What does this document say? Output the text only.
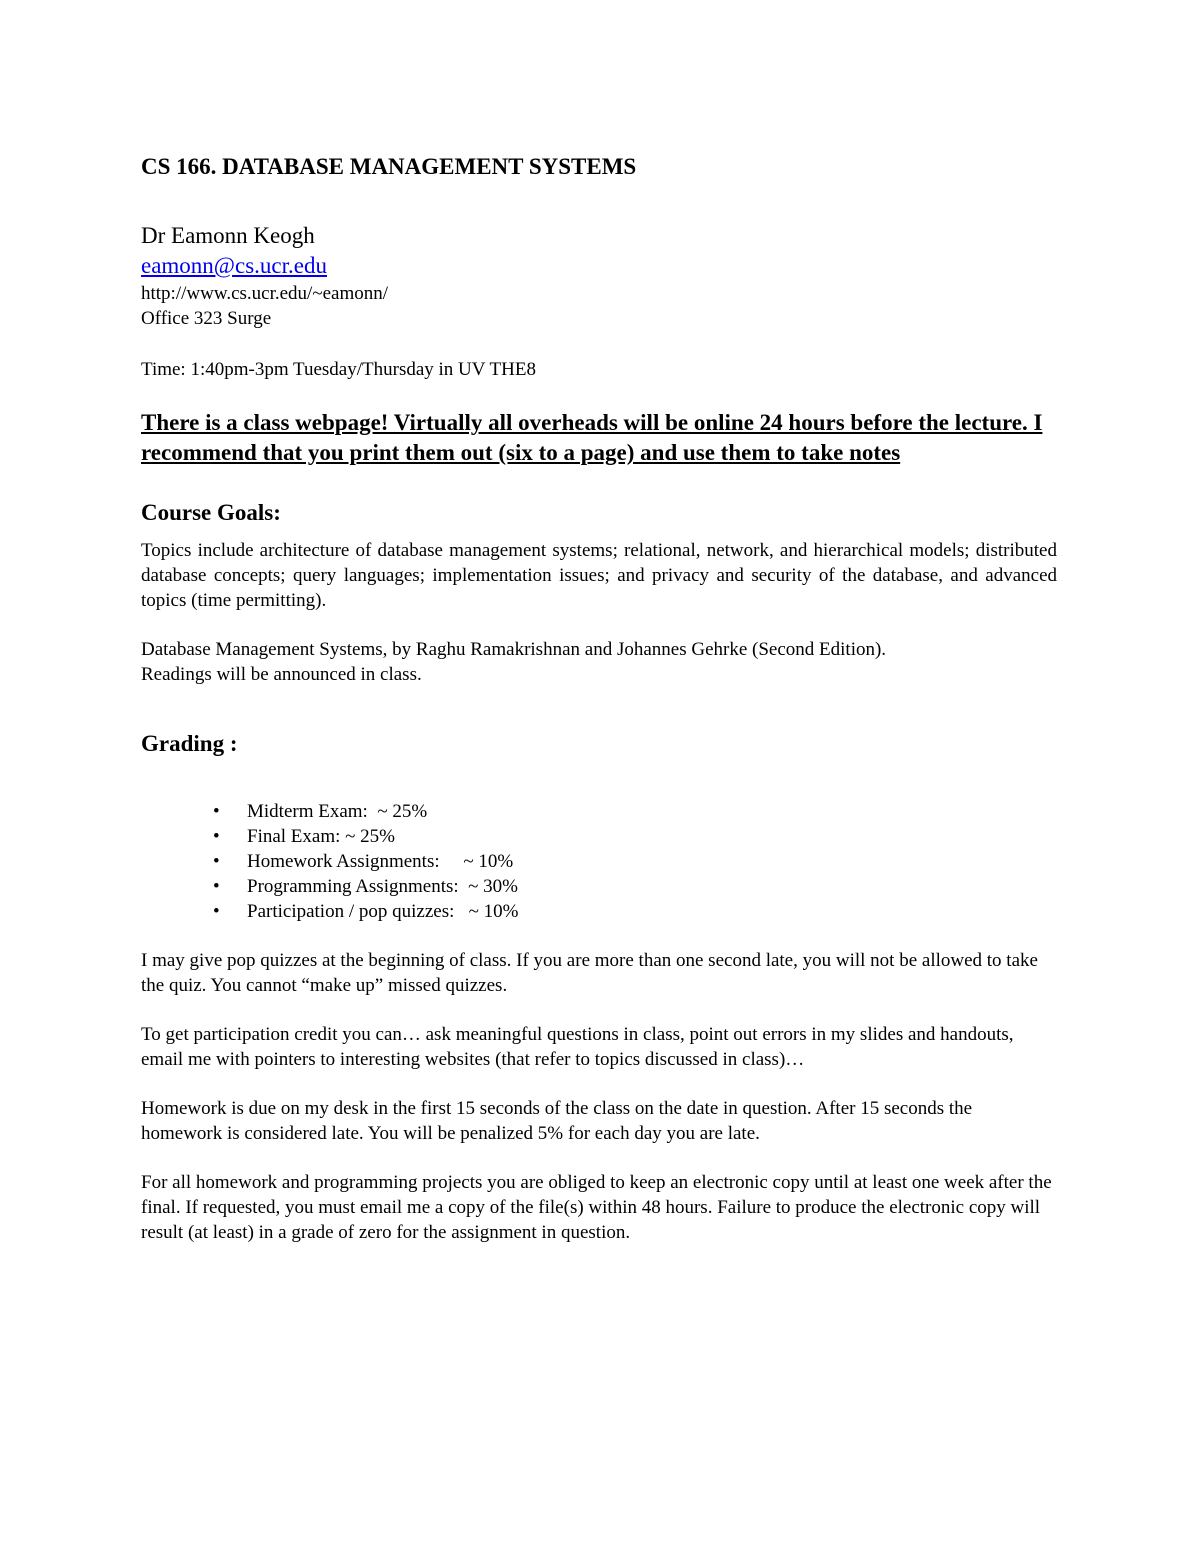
CS 166. DATABASE MANAGEMENT SYSTEMS

Dr Eamonn Keogh

eamonn@cs.ucr.edu

http://www.cs.ucr.edu/~eamonn/

Office 323 Surge

Time: 1:40pm-3pm Tuesday/Thursday in UV THE8

There is a class webpage! Virtually all overheads will be online 24 hours before the lecture. I recommend that you print them out (six to a page) and use them to take notes

Course Goals:

Topics include architecture of database management systems; relational, network, and hierarchical models; distributed database concepts; query languages; implementation issues; and privacy and security of the database, and advanced topics (time permitting).

Database Management Systems, by Raghu Ramakrishnan and Johannes Gehrke (Second Edition).

Readings will be announced in class.

Grading :
• Midterm Exam:  ~ 25%
• Final Exam: ~ 25%
• Homework Assignments:     ~ 10%
• Programming Assignments:  ~ 30%
• Participation / pop quizzes:   ~ 10%

I may give pop quizzes at the beginning of class. If you are more than one second late, you will not be allowed to take the quiz. You cannot “make up” missed quizzes.

To get participation credit you can… ask meaningful questions in class, point out errors in my slides and handouts, email me with pointers to interesting websites (that refer to topics discussed in class)…

Homework is due on my desk in the first 15 seconds of the class on the date in question. After 15 seconds the homework is considered late. You will be penalized 5% for each day you are late.

For all homework and programming projects you are obliged to keep an electronic copy until at least one week after the final. If requested, you must email me a copy of the file(s) within 48 hours. Failure to produce the electronic copy will result (at least) in a grade of zero for the assignment in question.
